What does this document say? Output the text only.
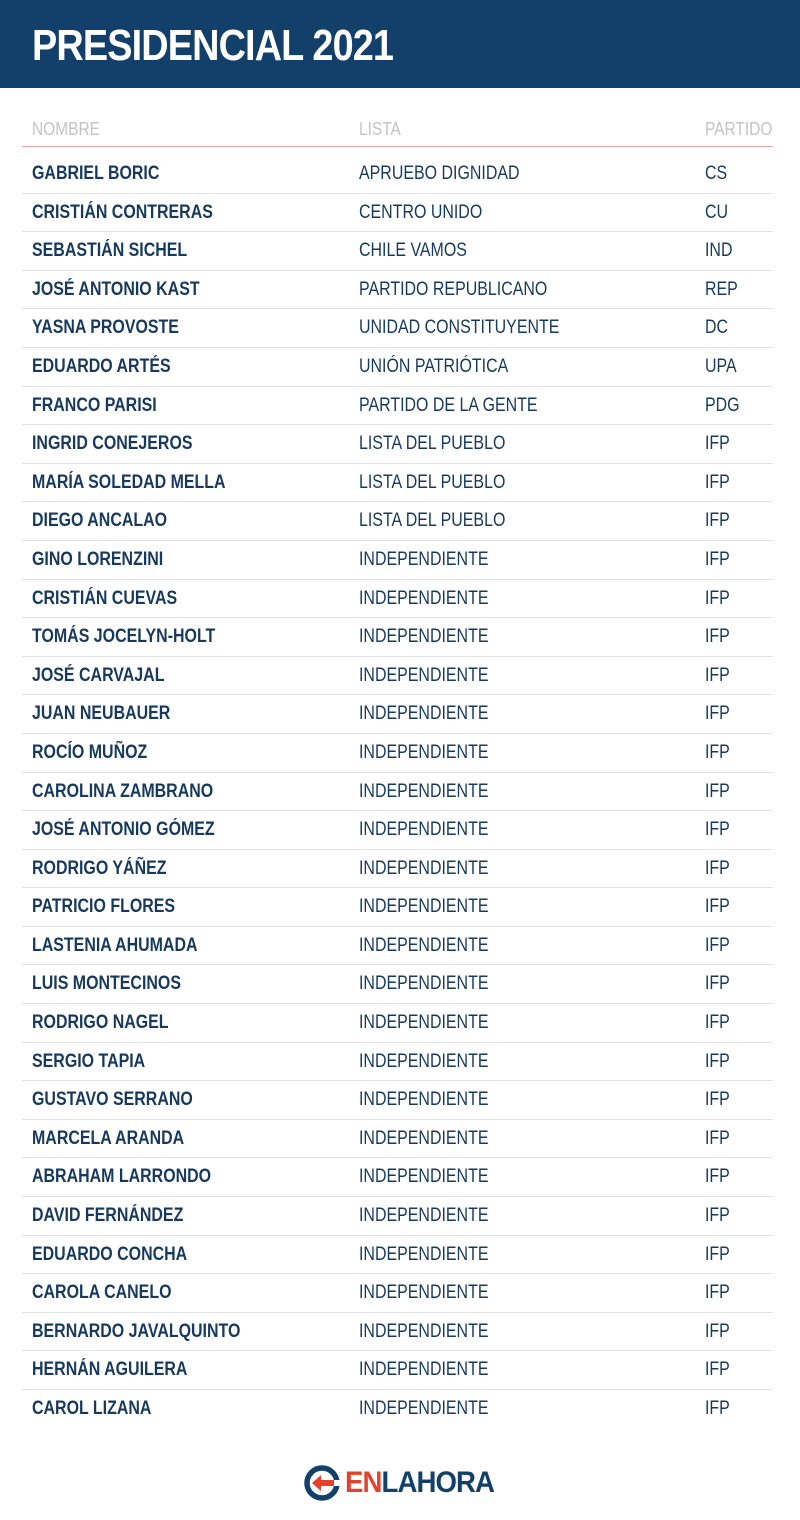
PRESIDENCIAL 2021
NOMBRE	LISTA	PARTIDO
GABRIEL BORIC	APRUEBO DIGNIDAD	CS
CRISTIÁN CONTRERAS	CENTRO UNIDO	CU
SEBASTIÁN SICHEL	CHILE VAMOS	IND
JOSÉ ANTONIO KAST	PARTIDO REPUBLICANO	REP
YASNA PROVOSTE	UNIDAD CONSTITUYENTE	DC
EDUARDO ARTÉS	UNIÓN PATRIÓTICA	UPA
FRANCO PARISI	PARTIDO DE LA GENTE	PDG
INGRID CONEJEROS	LISTA DEL PUEBLO	IFP
MARÍA SOLEDAD MELLA	LISTA DEL PUEBLO	IFP
DIEGO ANCALAO	LISTA DEL PUEBLO	IFP
GINO LORENZINI	INDEPENDIENTE	IFP
CRISTIÁN CUEVAS	INDEPENDIENTE	IFP
TOMÁS JOCELYN-HOLT	INDEPENDIENTE	IFP
JOSÉ CARVAJAL	INDEPENDIENTE	IFP
JUAN NEUBAUER	INDEPENDIENTE	IFP
ROCÍO MUÑOZ	INDEPENDIENTE	IFP
CAROLINA ZAMBRANO	INDEPENDIENTE	IFP
JOSÉ ANTONIO GÓMEZ	INDEPENDIENTE	IFP
RODRIGO YÁÑEZ	INDEPENDIENTE	IFP
PATRICIO FLORES	INDEPENDIENTE	IFP
LASTENIA AHUMADA	INDEPENDIENTE	IFP
LUIS MONTECINOS	INDEPENDIENTE	IFP
RODRIGO NAGEL	INDEPENDIENTE	IFP
SERGIO TAPIA	INDEPENDIENTE	IFP
GUSTAVO SERRANO	INDEPENDIENTE	IFP
MARCELA ARANDA	INDEPENDIENTE	IFP
ABRAHAM LARRONDO	INDEPENDIENTE	IFP
DAVID FERNÁNDEZ	INDEPENDIENTE	IFP
EDUARDO CONCHA	INDEPENDIENTE	IFP
CAROLA CANELO	INDEPENDIENTE	IFP
BERNARDO JAVALQUINTO	INDEPENDIENTE	IFP
HERNÁN AGUILERA	INDEPENDIENTE	IFP
CAROL LIZANA	INDEPENDIENTE	IFP
ENLAHORA
